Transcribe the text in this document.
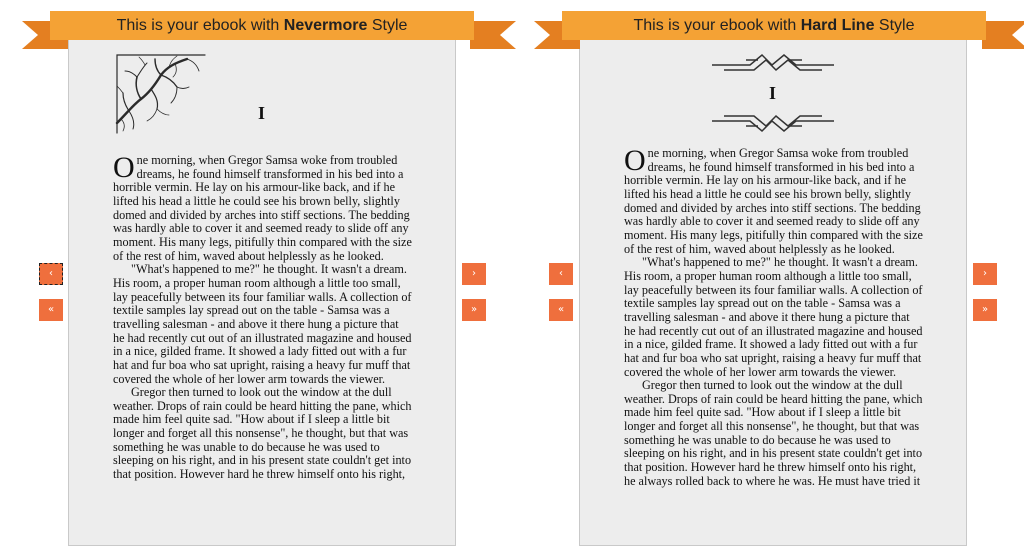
This is your ebook with Nevermore Style
I

One morning, when Gregor Samsa woke from troubled dreams, he found himself transformed in his bed into a horrible vermin. He lay on his armour-like back, and if he lifted his head a little he could see his brown belly, slightly domed and divided by arches into stiff sections. The bedding was hardly able to cover it and seemed ready to slide off any moment. His many legs, pitifully thin compared with the size of the rest of him, waved about helplessly as he looked.

"What's happened to me?" he thought. It wasn't a dream. His room, a proper human room although a little too small, lay peacefully between its four familiar walls. A collection of textile samples lay spread out on the table - Samsa was a travelling salesman - and above it there hung a picture that he had recently cut out of an illustrated magazine and housed in a nice, gilded frame. It showed a lady fitted out with a fur hat and fur boa who sat upright, raising a heavy fur muff that covered the whole of her lower arm towards the viewer.

Gregor then turned to look out the window at the dull weather. Drops of rain could be heard hitting the pane, which made him feel quite sad. "How about if I sleep a little bit longer and forget all this nonsense", he thought, but that was something he was unable to do because he was used to sleeping on his right, and in his present state couldn't get into that position. However hard he threw himself onto his right,

‹
«
›
»
This is your ebook with Hard Line Style
I

One morning, when Gregor Samsa woke from troubled dreams, he found himself transformed in his bed into a horrible vermin. He lay on his armour-like back, and if he lifted his head a little he could see his brown belly, slightly domed and divided by arches into stiff sections. The bedding was hardly able to cover it and seemed ready to slide off any moment. His many legs, pitifully thin compared with the size of the rest of him, waved about helplessly as he looked.

"What's happened to me?" he thought. It wasn't a dream. His room, a proper human room although a little too small, lay peacefully between its four familiar walls. A collection of textile samples lay spread out on the table - Samsa was a travelling salesman - and above it there hung a picture that he had recently cut out of an illustrated magazine and housed in a nice, gilded frame. It showed a lady fitted out with a fur hat and fur boa who sat upright, raising a heavy fur muff that covered the whole of her lower arm towards the viewer.

Gregor then turned to look out the window at the dull weather. Drops of rain could be heard hitting the pane, which made him feel quite sad. "How about if I sleep a little bit longer and forget all this nonsense", he thought, but that was something he was unable to do because he was used to sleeping on his right, and in his present state couldn't get into that position. However hard he threw himself onto his right, he always rolled back to where he was. He must have tried it

‹
«
›
»
